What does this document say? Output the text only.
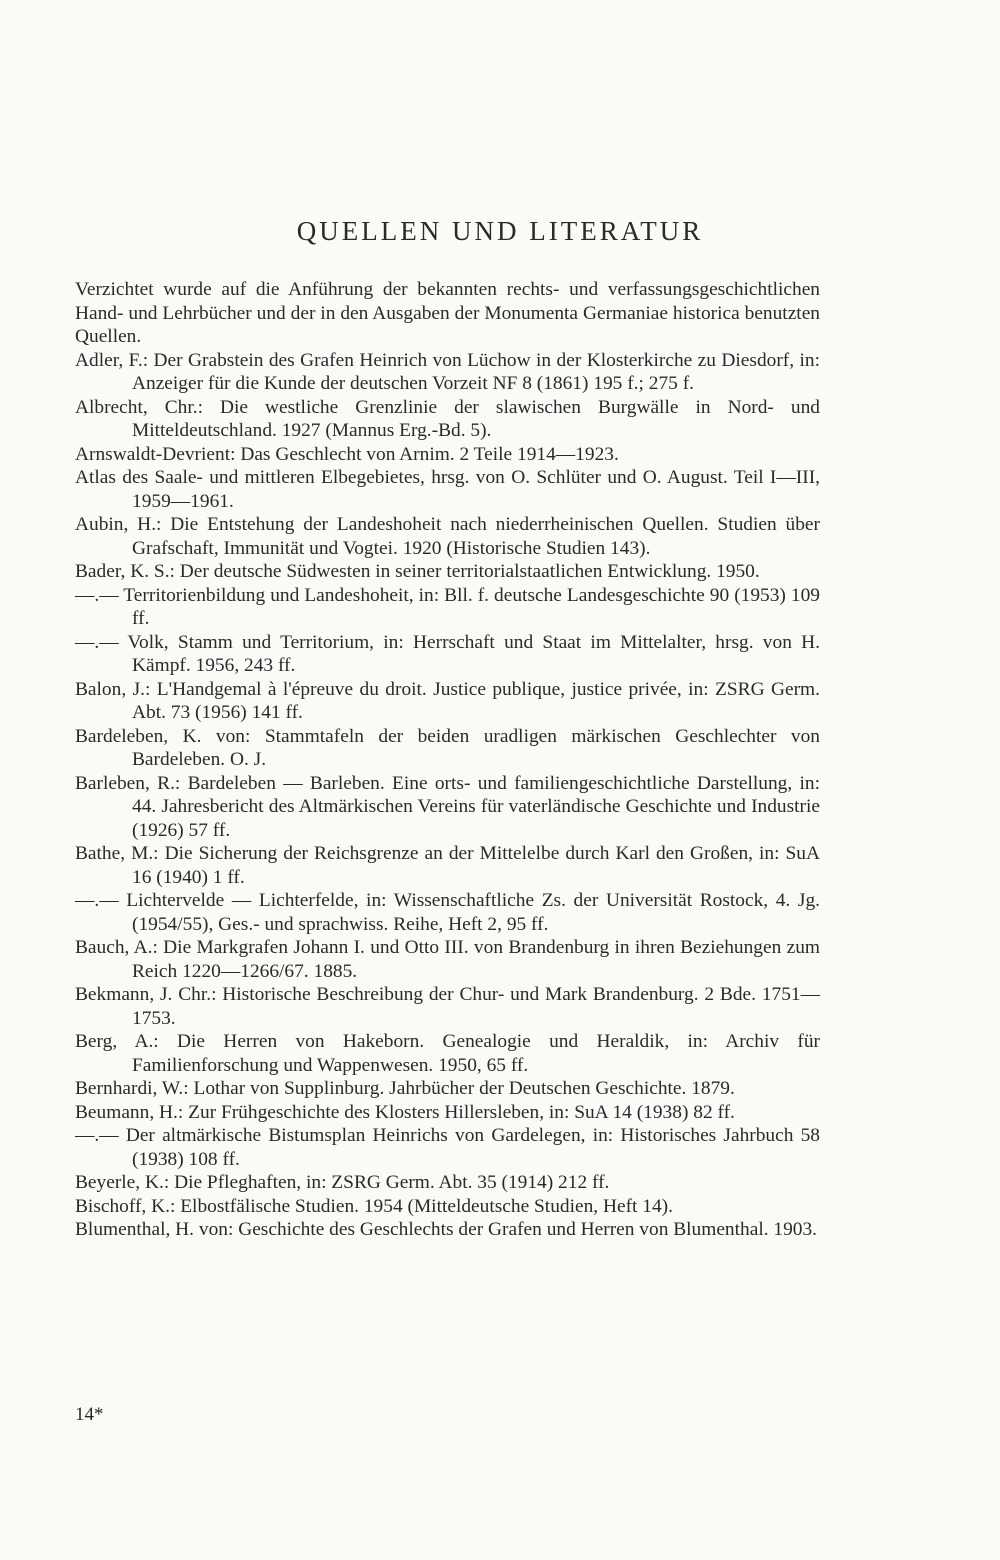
QUELLEN UND LITERATUR

Verzichtet wurde auf die Anführung der bekannten rechts- und verfassungsgeschichtlichen Hand- und Lehrbücher und der in den Ausgaben der Monumenta Germaniae historica benutzten Quellen.

Adler, F.: Der Grabstein des Grafen Heinrich von Lüchow in der Klosterkirche zu Diesdorf, in: Anzeiger für die Kunde der deutschen Vorzeit NF 8 (1861) 195 f.; 275 f.
Albrecht, Chr.: Die westliche Grenzlinie der slawischen Burgwälle in Nord- und Mitteldeutschland. 1927 (Mannus Erg.-Bd. 5).
Arnswaldt-Devrient: Das Geschlecht von Arnim. 2 Teile 1914—1923.
Atlas des Saale- und mittleren Elbegebietes, hrsg. von O. Schlüter und O. August. Teil I—III, 1959—1961.
Aubin, H.: Die Entstehung der Landeshoheit nach niederrheinischen Quellen. Studien über Grafschaft, Immunität und Vogtei. 1920 (Historische Studien 143).
Bader, K. S.: Der deutsche Südwesten in seiner territorialstaatlichen Entwicklung. 1950.
—.— Territorienbildung und Landeshoheit, in: Bll. f. deutsche Landesgeschichte 90 (1953) 109 ff.
—.— Volk, Stamm und Territorium, in: Herrschaft und Staat im Mittelalter, hrsg. von H. Kämpf. 1956, 243 ff.
Balon, J.: L'Handgemal à l'épreuve du droit. Justice publique, justice privée, in: ZSRG Germ. Abt. 73 (1956) 141 ff.
Bardeleben, K. von: Stammtafeln der beiden uradligen märkischen Geschlechter von Bardeleben. O. J.
Barleben, R.: Bardeleben — Barleben. Eine orts- und familiengeschichtliche Darstellung, in: 44. Jahresbericht des Altmärkischen Vereins für vaterländische Geschichte und Industrie (1926) 57 ff.
Bathe, M.: Die Sicherung der Reichsgrenze an der Mittelelbe durch Karl den Großen, in: SuA 16 (1940) 1 ff.
—.— Lichtervelde — Lichterfelde, in: Wissenschaftliche Zs. der Universität Rostock, 4. Jg. (1954/55), Ges.- und sprachwiss. Reihe, Heft 2, 95 ff.
Bauch, A.: Die Markgrafen Johann I. und Otto III. von Brandenburg in ihren Beziehungen zum Reich 1220—1266/67. 1885.
Bekmann, J. Chr.: Historische Beschreibung der Chur- und Mark Brandenburg. 2 Bde. 1751—1753.
Berg, A.: Die Herren von Hakeborn. Genealogie und Heraldik, in: Archiv für Familienforschung und Wappenwesen. 1950, 65 ff.
Bernhardi, W.: Lothar von Supplinburg. Jahrbücher der Deutschen Geschichte. 1879.
Beumann, H.: Zur Frühgeschichte des Klosters Hillersleben, in: SuA 14 (1938) 82 ff.
—.— Der altmärkische Bistumsplan Heinrichs von Gardelegen, in: Historisches Jahrbuch 58 (1938) 108 ff.
Beyerle, K.: Die Pfleghaften, in: ZSRG Germ. Abt. 35 (1914) 212 ff.
Bischoff, K.: Elbostfälische Studien. 1954 (Mitteldeutsche Studien, Heft 14).
Blumenthal, H. von: Geschichte des Geschlechts der Grafen und Herren von Blumenthal. 1903.
14*
